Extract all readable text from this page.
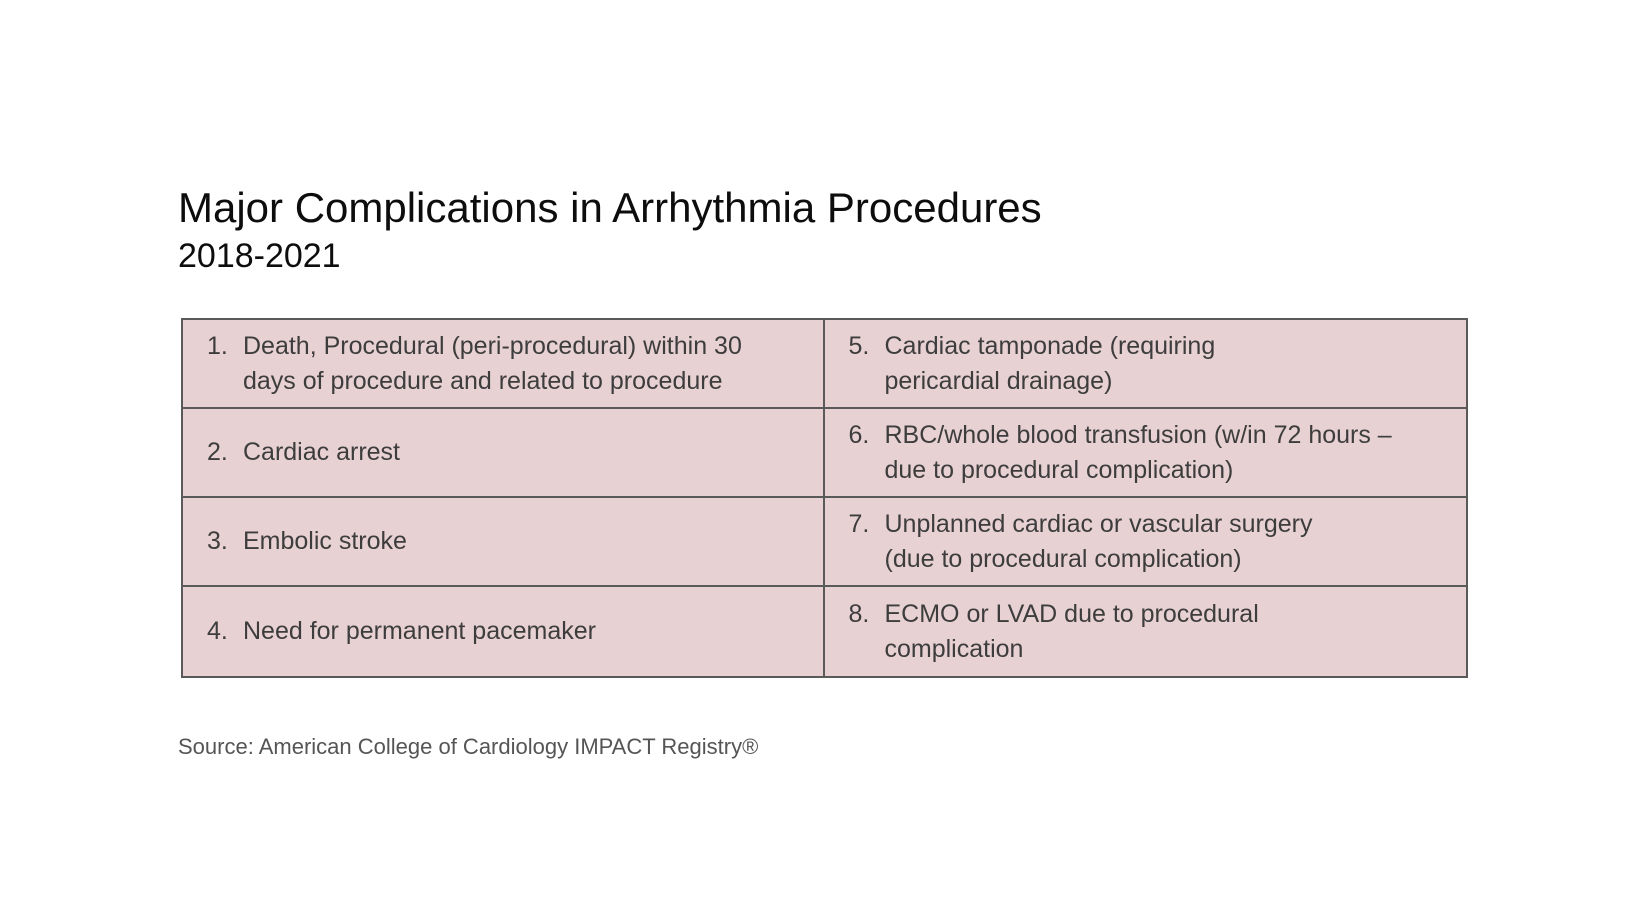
Major Complications in Arrhythmia Procedures
2018-2021
1. Death, Procedural (peri-procedural) within 30 days of procedure and related to procedure
5. Cardiac tamponade (requiring pericardial drainage)
2. Cardiac arrest
6. RBC/whole blood transfusion (w/in 72 hours – due to procedural complication)
3. Embolic stroke
7. Unplanned cardiac or vascular surgery (due to procedural complication)
4. Need for permanent pacemaker
8. ECMO or LVAD due to procedural complication
Source: American College of Cardiology IMPACT Registry®
